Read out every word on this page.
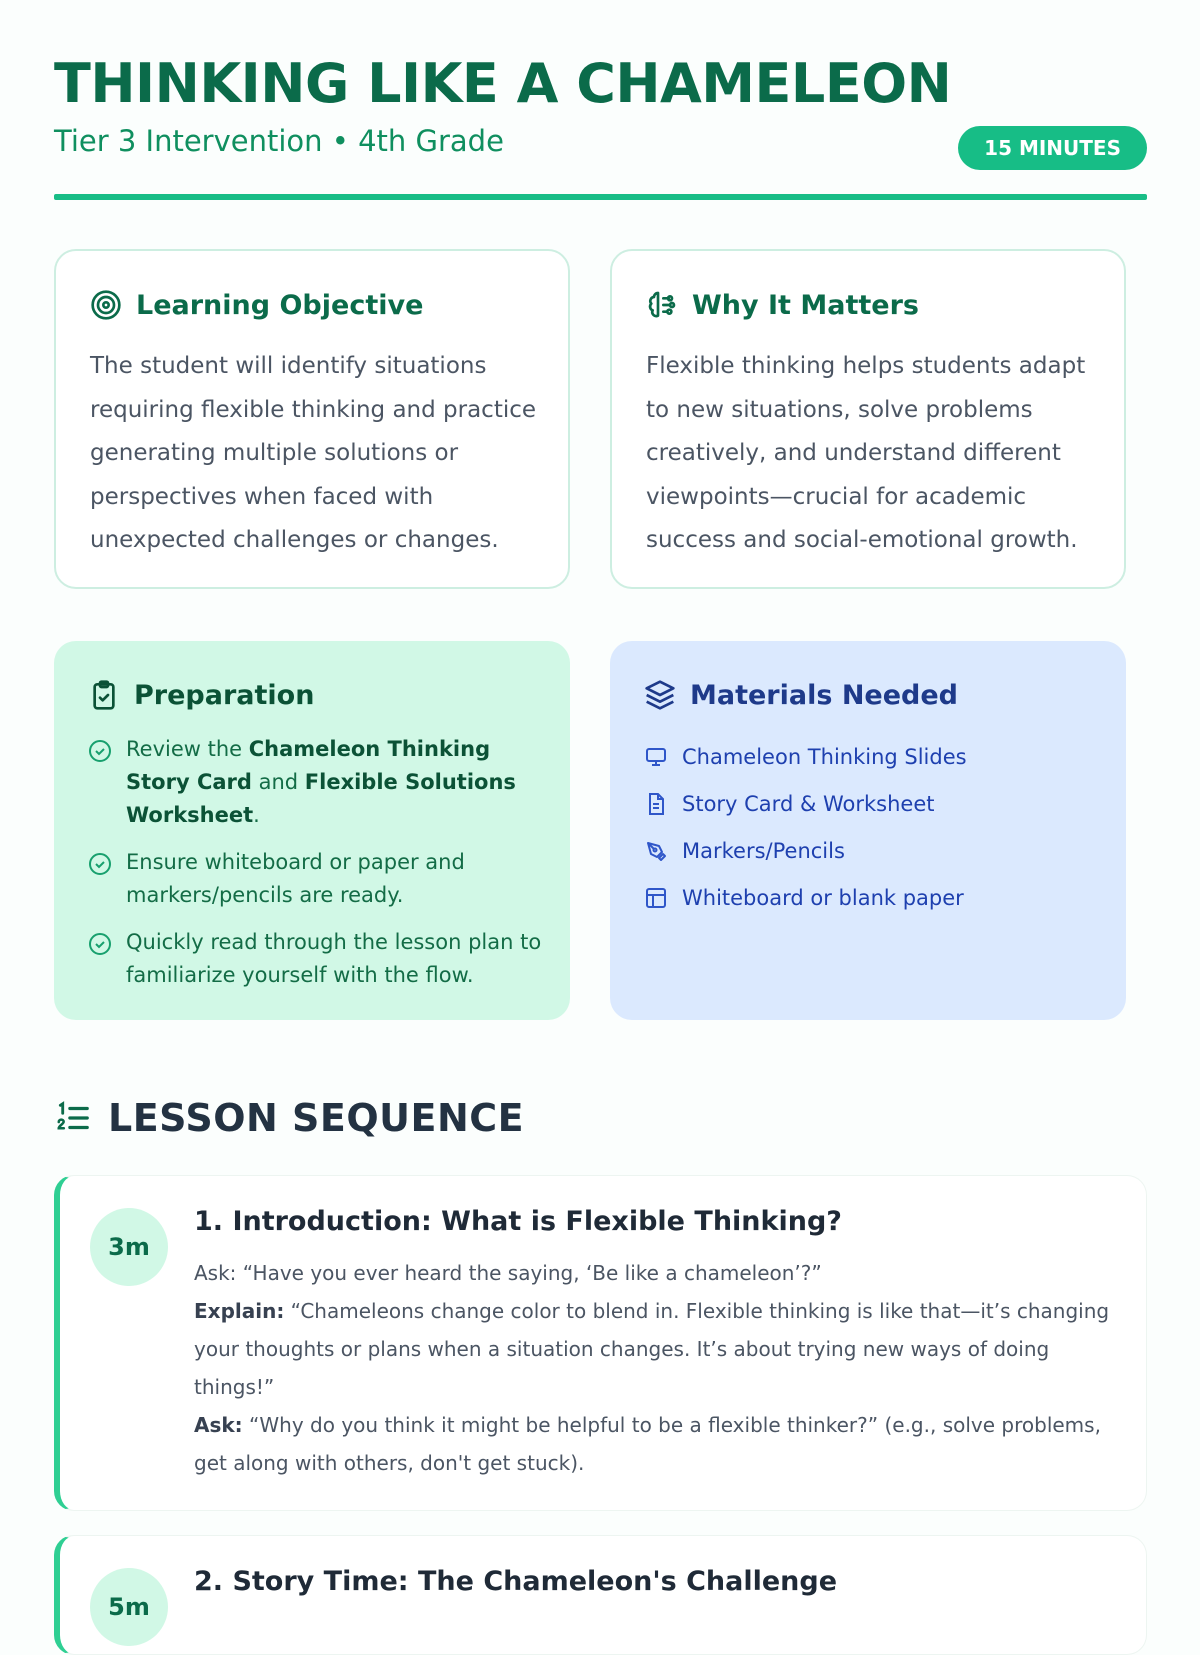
THINKING LIKE A CHAMELEON
Tier 3 Intervention • 4th Grade	15 MINUTES
Learning Objective
The student will identify situations requiring flexible thinking and practice generating multiple solutions or perspectives when faced with unexpected challenges or changes.
Why It Matters
Flexible thinking helps students adapt to new situations, solve problems creatively, and understand different viewpoints—crucial for academic success and social-emotional growth.
Preparation
Review the Chameleon Thinking Story Card and Flexible Solutions Worksheet.
Ensure whiteboard or paper and markers/pencils are ready.
Quickly read through the lesson plan to familiarize yourself with the flow.
Materials Needed
Chameleon Thinking Slides
Story Card & Worksheet
Markers/Pencils
Whiteboard or blank paper
LESSON SEQUENCE
3m
1. Introduction: What is Flexible Thinking?

Ask: “Have you ever heard the saying, ‘Be like a chameleon’?”

Explain: “Chameleons change color to blend in. Flexible thinking is like that—it’s changing your thoughts or plans when a situation changes. It’s about trying new ways of doing things!”

Ask: “Why do you think it might be helpful to be a flexible thinker?” (e.g., solve problems, get along with others, don't get stuck).

5m
2. Story Time: The Chameleon's Challenge
